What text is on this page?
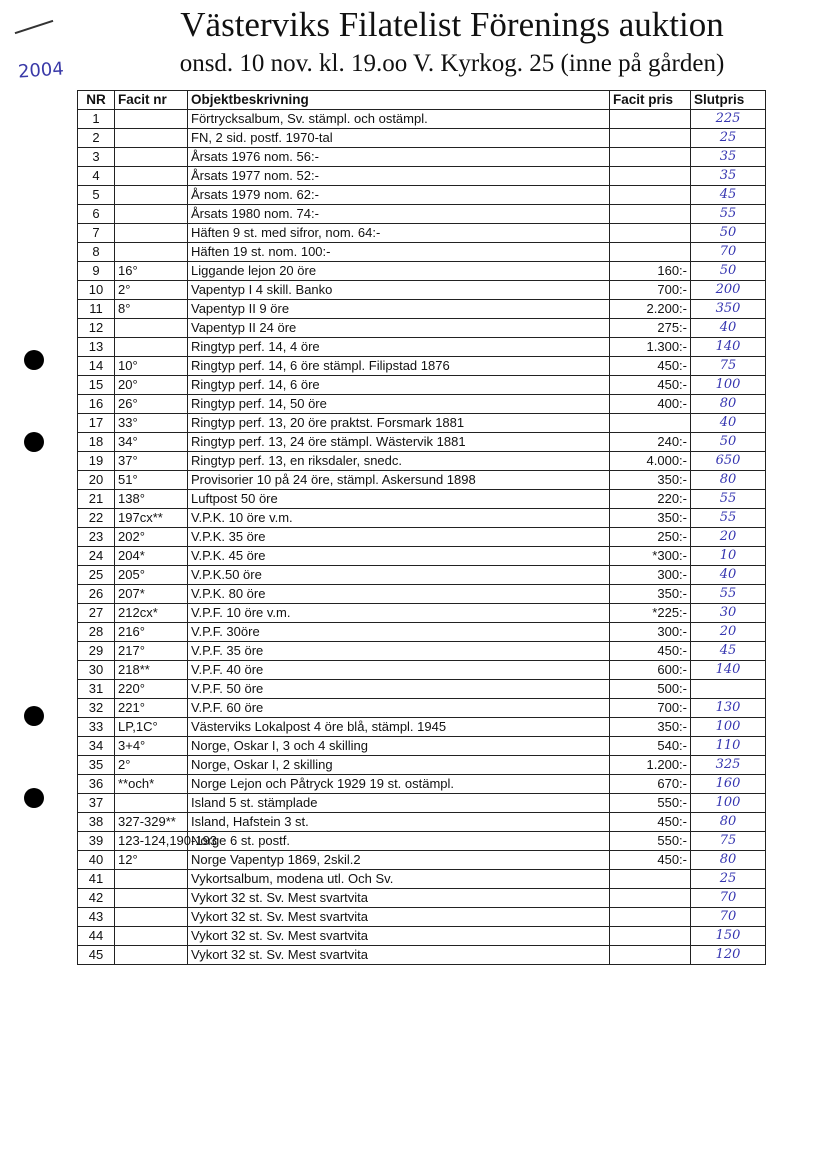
2004
Västerviks Filatelist Förenings auktion
onsd. 10 nov. kl. 19.oo V. Kyrkog. 25 (inne på gården)
NR	Facit nr	Objektbeskrivning	Facit pris	Slutpris
1		Förtrycksalbum, Sv. stämpl. och ostämpl.		225
2		FN, 2 sid. postf. 1970-tal		25
3		Årsats 1976 nom. 56:-		35
4		Årsats 1977 nom. 52:-		35
5		Årsats 1979 nom. 62:-		45
6		Årsats 1980 nom. 74:-		55
7		Häften 9 st. med sifror, nom. 64:-		50
8		Häften 19 st. nom. 100:-		70
9	16°	Liggande lejon 20 öre	160:-	50
10	2°	Vapentyp I 4 skill. Banko	700:-	200
11	8°	Vapentyp II 9 öre	2.200:-	350
12		Vapentyp II 24 öre	275:-	40
13		Ringtyp perf. 14, 4 öre	1.300:-	140
14	10°	Ringtyp perf. 14, 6 öre stämpl. Filipstad 1876	450:-	75
15	20°	Ringtyp perf. 14, 6 öre	450:-	100
16	26°	Ringtyp perf. 14, 50 öre	400:-	80
17	33°	Ringtyp perf. 13, 20 öre praktst. Forsmark 1881		40
18	34°	Ringtyp perf. 13, 24 öre stämpl. Wästervik 1881	240:-	50
19	37°	Ringtyp perf. 13, en riksdaler, snedc.	4.000:-	650
20	51°	Provisorier 10 på 24 öre, stämpl. Askersund 1898	350:-	80
21	138°	Luftpost 50 öre	220:-	55
22	197cx**	V.P.K. 10 öre v.m.	350:-	55
23	202°	V.P.K. 35 öre	250:-	20
24	204*	V.P.K. 45 öre	*300:-	10
25	205°	V.P.K.50 öre	300:-	40
26	207*	V.P.K. 80 öre	350:-	55
27	212cx*	V.P.F. 10 öre v.m.	*225:-	30
28	216°	V.P.F. 30öre	300:-	20
29	217°	V.P.F. 35 öre	450:-	45
30	218**	V.P.F. 40 öre	600:-	140
31	220°	V.P.F. 50 öre	500:-	
32	221°	V.P.F. 60 öre	700:-	130
33	LP,1C°	Västerviks Lokalpost 4 öre blå, stämpl. 1945	350:-	100
34	3+4°	Norge, Oskar I, 3 och 4 skilling	540:-	110
35	2°	Norge, Oskar I, 2 skilling	1.200:-	325
36	**och*	Norge Lejon och Påtryck 1929 19 st. ostämpl.	670:-	160
37		Island 5 st. stämplade	550:-	100
38	327-329**	Island, Hafstein 3 st.	450:-	80
39	123-124,190-193	Norge 6 st. postf.	550:-	75
40	12°	Norge Vapentyp 1869, 2skil.2	450:-	80
41		Vykortsalbum, modena utl. Och Sv.		25
42		Vykort 32 st. Sv. Mest svartvita		70
43		Vykort 32 st. Sv. Mest svartvita		70
44		Vykort 32 st. Sv. Mest svartvita		150
45		Vykort 32 st. Sv. Mest svartvita		120
